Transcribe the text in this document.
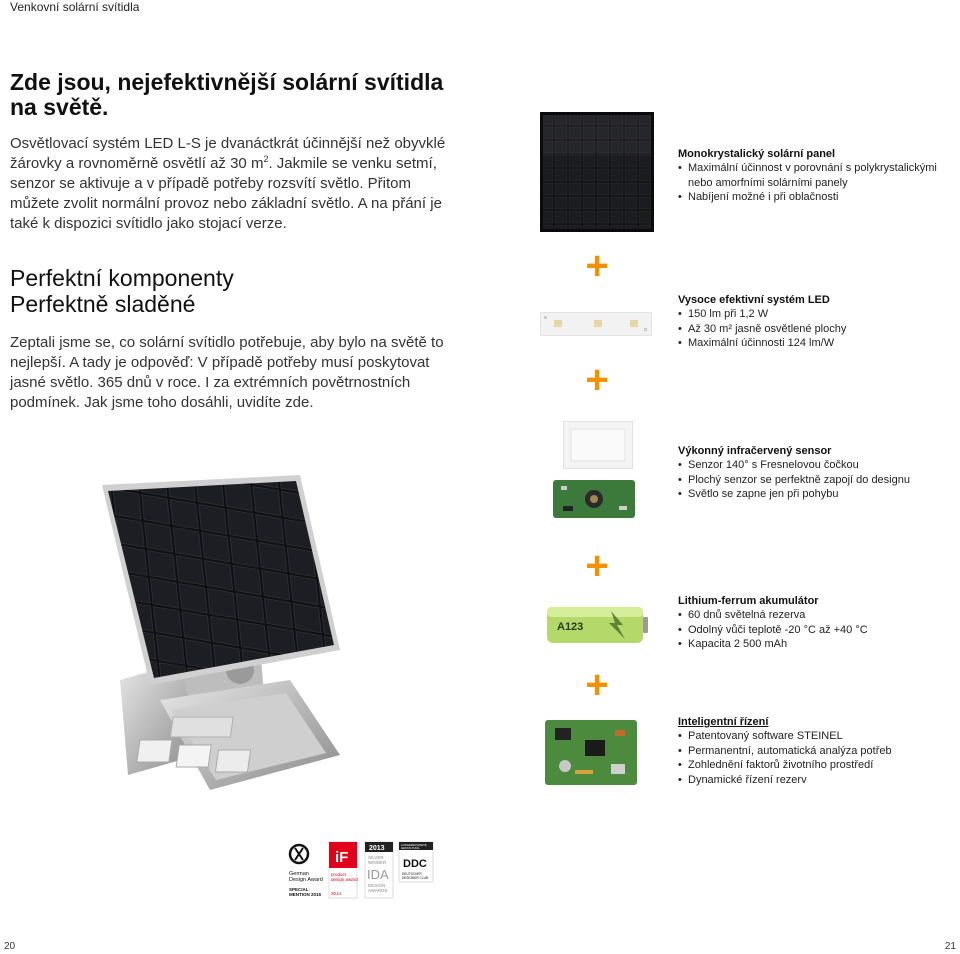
Venkovní solární svítidla
Zde jsou, nejefektivnější solární svítidla na světě.
Osvětlovací systém LED L-S je dvanáctkrát účinnější než obyvklé žárovky a rovnoměrně osvětlí až 30 $m^2$. Jakmile se venku setmí, senzor se aktivuje a v případě potřeby rozsvítí světlo. Přitom můžete zvolit normální provoz nebo základní světlo. A na přání je také k dispozici svítidlo jako stojací verze.
Perfektní komponenty
Perfektně sladěné
Zeptali jsme se, co solární svítidlo potřebuje, aby bylo na světě to nejlepší. A tady je odpověď: V případě potřeby musí poskytovat jasné světlo. 365 dnů v roce. I za extrémních povětrnostních podmínek. Jak jsme toho dosáhli, uvidíte zde.
+
+
+
+
A123
Monokrystalický solární panel
• Maximální účinnost v porovnání s polykrystalickými nebo amorfními solárními panely
• Nabíjení možné i při oblačnosti
Vysoce efektivní systém LED
• 150 lm při 1,2 W
• Až 30 m² jasně osvětlené plochy
• Maximální účinnosti 124 lm/W
Výkonný infračervený sensor
• Senzor 140° s Fresnelovou čočkou
• Plochý senzor se perfektně zapojí do designu
• Světlo se zapne jen při pohybu
Lithium-ferrum akumulátor
• 60 dnů světelná rezerva
• Odolný vůči teplotě -20 °C až +40 °C
• Kapacita 2 500 mAh
Inteligentní řízení
• Patentovaný software STEINEL
• Permanentní, automatická analýza potřeb
• Zohlednění faktorů životního prostředí
• Dynamické řízení rezerv
German
Design Award
SPECIAL
MENTION 2015
iF
product
design award
2014
2013
SILVER
WINNER
IDA
DESIGN
AWARDS
AUSGEZEICHNETE
GESTALTUNG
DDC
DEUTSCHER
DESIGNER CLUB
20	21
